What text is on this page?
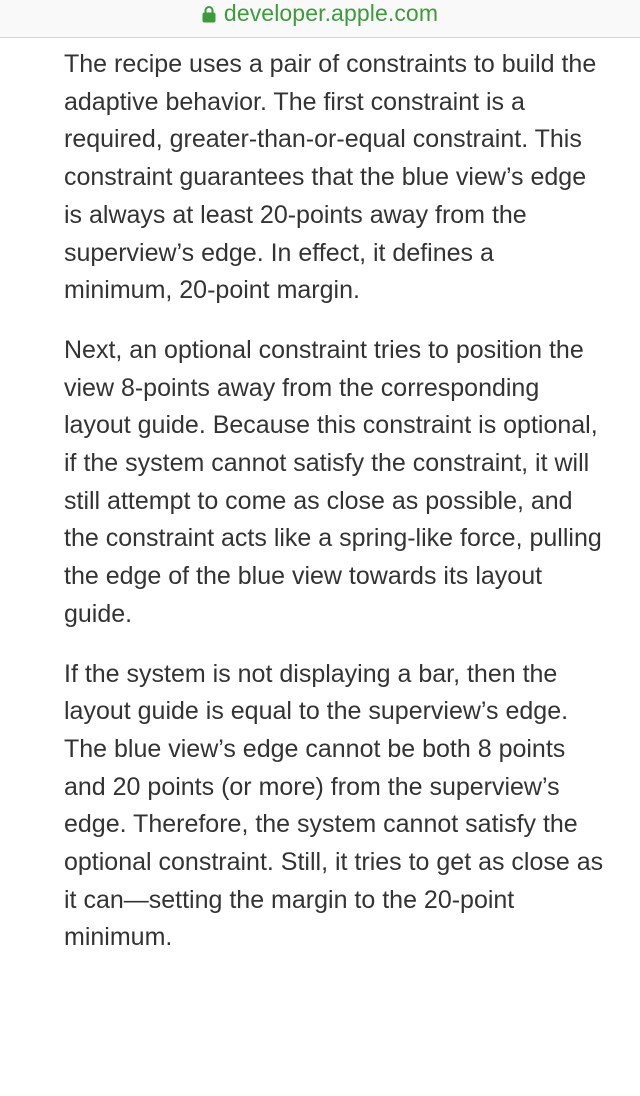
developer.apple.com

The recipe uses a pair of constraints to build the adaptive behavior. The first constraint is a required, greater-than-or-equal constraint. This constraint guarantees that the blue view’s edge is always at least 20-points away from the superview’s edge. In effect, it defines a minimum, 20-point margin.

Next, an optional constraint tries to position the view 8-points away from the corresponding layout guide. Because this constraint is optional, if the system cannot satisfy the constraint, it will still attempt to come as close as possible, and the constraint acts like a spring-like force, pulling the edge of the blue view towards its layout guide.

If the system is not displaying a bar, then the layout guide is equal to the superview’s edge. The blue view’s edge cannot be both 8 points and 20 points (or more) from the superview’s edge. Therefore, the system cannot satisfy the optional constraint. Still, it tries to get as close as it can—setting the margin to the 20-point minimum.
